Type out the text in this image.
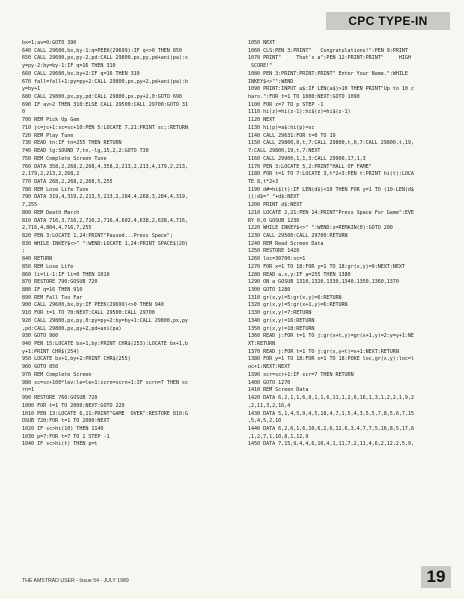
CPC TYPE-IN
bx=1:av=0:GOTO 390
640 CALL 29600,bx,by-1:q=PEEK(29699):IF q<>0 THEN 850
650 CALL 29600,px,py-2,pd:CALL 29800,px,py,pd+ani(pa):s
y=py-2:by=by-1:IF q=16 THEN 310
660 CALL 29600,bx,by+2:IF q=16 THEN 310
670 fall=fall+1:py=py+2:CALL 29800,px,py+2,pd+ani(pa):b
y=by+1
680 CALL 29800,px,py,pd:CALL 29800,px,py+2,0:GOTO 690
690 IF av>2 THEN 310:ELSE CALL 29500:CALL 29700:GOTO 31
0
700 REM Pick Up Gem
710 jc=jc+1:sc=sc+10:PEN 5:LOCATE 7,21:PRINT sc;:RETURN
720 REM Play Tune
730 READ tn:IF tn=255 THEN RETURN
740 READ lg:SOUND 7,tn,-lg,15,2,2:GOTO 730
750 REM Complete Screen Tune
760 DATA 358,2,268,2,268,4,358,2,213,2,213,4,179,2,213,
2,179,2,213,2,268,2
770 DATA 268,2,268,2,268,5,255
780 REM Lose Life Tune
790 DATA 319,4,319,2,213,5,213,2,284,4,268,3,284,4,319,
7,255
800 REM Death March
810 DATA 716,3,716,2,716,2,716,4,602,4,638,2,638,4,716,
2,716,4,804,4,716,7,255
820 PEN 3:LOCATE 1,24:PRINT"Paused...Press Space";
830 WHILE INKEY$<>" ":WEND:LOCATE 1,24:PRINT SPACE$(20)
;
840 RETURN
850 REM Lose Life
860 li=li-1:IF li=0 THEN 1010
870 RESTORE 790:GOSUB 720
880 IF q=16 THEN 910
890 REM Fall Too Far
900 CALL 29600,bx,by:IF PEEK(29699)<>0 THEN 940
910 FOR t=1 TO 70:NEXT:CALL 29500:CALL 29700
920 CALL 29800,px,py,0:py=py+2:by=by+1:CALL 29800,px,py
,pd:CALL 29800,px,py+2,pd+ani(pa)
930 GOTO 900
940 PEN 15:LOCATE bx+1,by:PRINT CHR$(253):LOCATE bx+1,b
y+1:PRINT CHR$(254)
950 LOCATE bx+1,by+2:PRINT CHR$(255)
960 GOTO 850
970 REM Complete Screen
980 sc=sc+100*lev:le=le+1:scrn=scrn+1:IF scrn=7 THEN sc
rn=1
990 RESTORE 760:GOSUB 720
1000 FOR t=1 TO 2000:NEXT:GOTO 220
1010 PEN 13:LOCATE 6,11:PRINT"GAME  OVER":RESTORE 810:G
OSUB 720:FOR t=1 TO 2000:NEXT
1020 IF sc>hi(10) THEN 1140
1030 p=7:FOR t=7 TO 1 STEP -1
1040 IF sc>hi(t) THEN p=t
1050 NEXT
1060 CLS:PEN 3:PRINT"   Congratulations!":PEN 9:PRINT
1070 PRINT"     That's a":PEN 12:PRINT:PRINT"     HIGH
SCORE!"
1080 PEN 3:PRINT:PRINT:PRINT" Enter Your Name.":WHILE
INKEY$<>"":WEND
1090 PRINT:INPUT a$:IF LEN(a$)>10 THEN PRINT"Up to 10 c
hars.":FOR t=1 TO 1000:NEXT:GOTO 1090
1100 FOR z=7 TO p STEP -1
1110 hi(z)=hi(z-1):hi$(z)=hi$(z-1)
1120 NEXT
1130 hi(p)=a$:hi(p)=sc
1140 CALL 29631:FOR t=0 TO 19
1150 CALL 29800,0,t,7:CALL 29800,t,0,7:CALL 29800,t,19,
7:CALL 29800,19,t,7:NEXT
1160 CALL 29900,1,1,3:CALL 29900,17,1,3
1170 PEN 3:LOCATE 5,2:PRINT"HALL OF FAME"
1180 FOR t=1 TO 7:LOCATE 3,t*2+3:PEN t:PRINT hi(t):LOCA
TE 8,t*2+3
1190 d#=hi$(t):IF LEN(d$)<10 THEN FOR y=1 TO (10-LEN(d$
)):d$=" "+d$:NEXT
1200 PRINT d$:NEXT
1210 LOCATE 2,21:PEN 14:PRINT"Press Space For Game":EVE
RY 0,0 GOSUB 1230
1220 WHILE INKEY$<>" ":WEND:z=REMAIN(0):GOTO 200
1230 CALL 29500:CALL 29700:RETURN
1240 REM Read Screen Data
1250 RESTORE 1420
1260 loc=30700:sc=1
1270 FOR x=1 TO 18:FOR y=1 TO 18:gr(x,y)=0:NEXT:NEXT
1280 READ a,x,y:IF a=255 THEN 1380
1290 ON a GOSUB 1310,1320,1330,1340,1350,1360,1370
1300 GOTO 1280
1310 gr(x,y)=5:gr(x,y)=6:RETURN
1320 gr(x,y)=5:gr(x+1,y)=6:RETURN
1330 gr(x,y)=7:RETURN
1340 gr(x,y)=16:RETURN
1350 gr(x,y)=18:RETURN
1360 READ j:FOR t=1 TO j:gr(x+t,y)=gr(x+1,y)=2:y=y+1:NE
XT:RETURN
1370 READ j:FOR t=1 TO j:gr(x,y+t)=x+1:NEXT:RETURN
1380 FOR y=1 TO 18:FOR x=1 TO 18:POKE loc,gr(x,y):loc=l
oc+1:NEXT:NEXT
1390 scr=scr+1:IF scr=7 THEN RETURN
1400 GOTO 1270
1410 REM Screen Data
1420 DATA 6,2,1,1,6,9,1,1,6,11,1,2,6,16,1,3,1,2,2,1,9,2
,2,11,3,2,16,4
1430 DATA 5,1,4,5,9,4,5,18,4,7,1,5,4,3,5,5,7,8,5,6,7,15
,5,4,5,2,10
1440 DATA 6,2,6,1,6,10,6,2,6,12,6,3,4,7,7,5,16,8,5,17,8
,1,2,7,1,10,8,1,12,9
1450 DATA 7,15,9,4,4,6,10,4,1,11,7,2,11,4,6,2,12,2,5,9,
THE AMSTRAD USER - Issue 54 - JULY 1989	19
